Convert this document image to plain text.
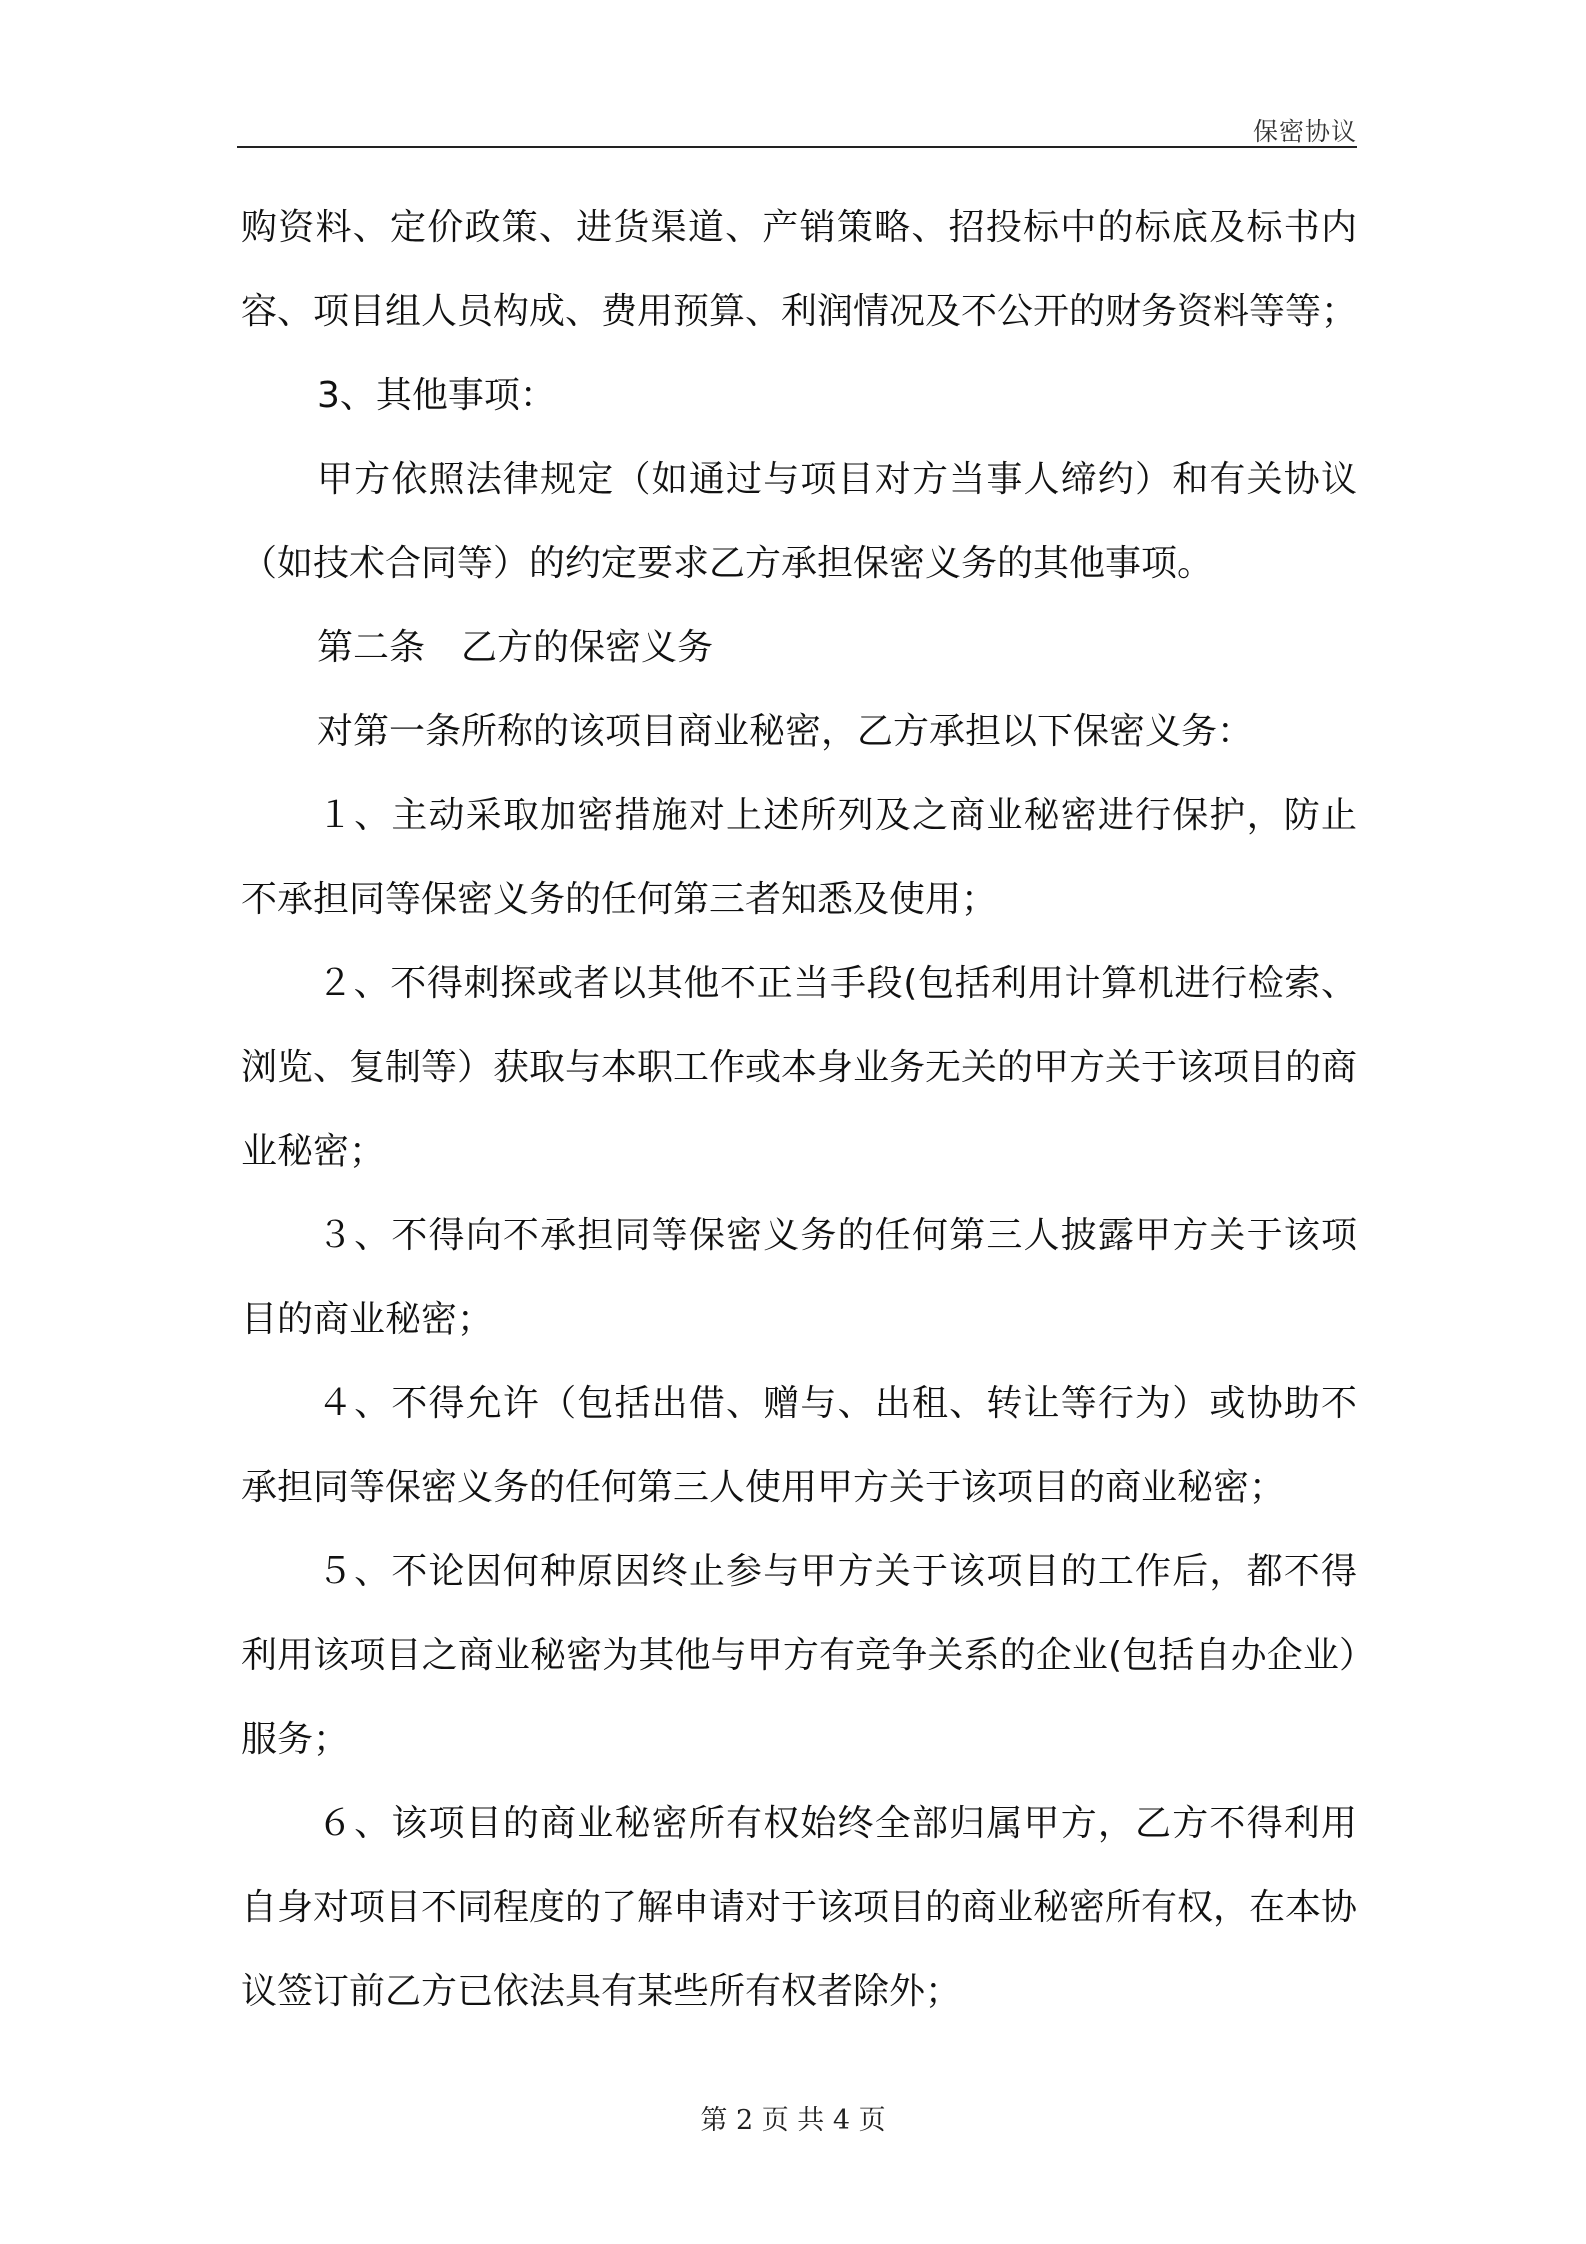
保密协议

购资料、定价政策、进货渠道、产销策略、招投标中的标底及标书内容、项目组人员构成、费用预算、利润情况及不公开的财务资料等等；

3、其他事项：

甲方依照法律规定（如通过与项目对方当事人缔约）和有关协议（如技术合同等）的约定要求乙方承担保密义务的其他事项。

第二条　乙方的保密义务

对第一条所称的该项目商业秘密，乙方承担以下保密义务：

１、主动采取加密措施对上述所列及之商业秘密进行保护，防止不承担同等保密义务的任何第三者知悉及使用；

２、不得刺探或者以其他不正当手段(包括利用计算机进行检索、浏览、复制等）获取与本职工作或本身业务无关的甲方关于该项目的商业秘密；

３、不得向不承担同等保密义务的任何第三人披露甲方关于该项目的商业秘密；

４、不得允许（包括出借、赠与、出租、转让等行为）或协助不承担同等保密义务的任何第三人使用甲方关于该项目的商业秘密；

５、不论因何种原因终止参与甲方关于该项目的工作后，都不得利用该项目之商业秘密为其他与甲方有竞争关系的企业(包括自办企业）服务；

６、该项目的商业秘密所有权始终全部归属甲方，乙方不得利用自身对项目不同程度的了解申请对于该项目的商业秘密所有权，在本协议签订前乙方已依法具有某些所有权者除外；

第 2 页 共 4 页
